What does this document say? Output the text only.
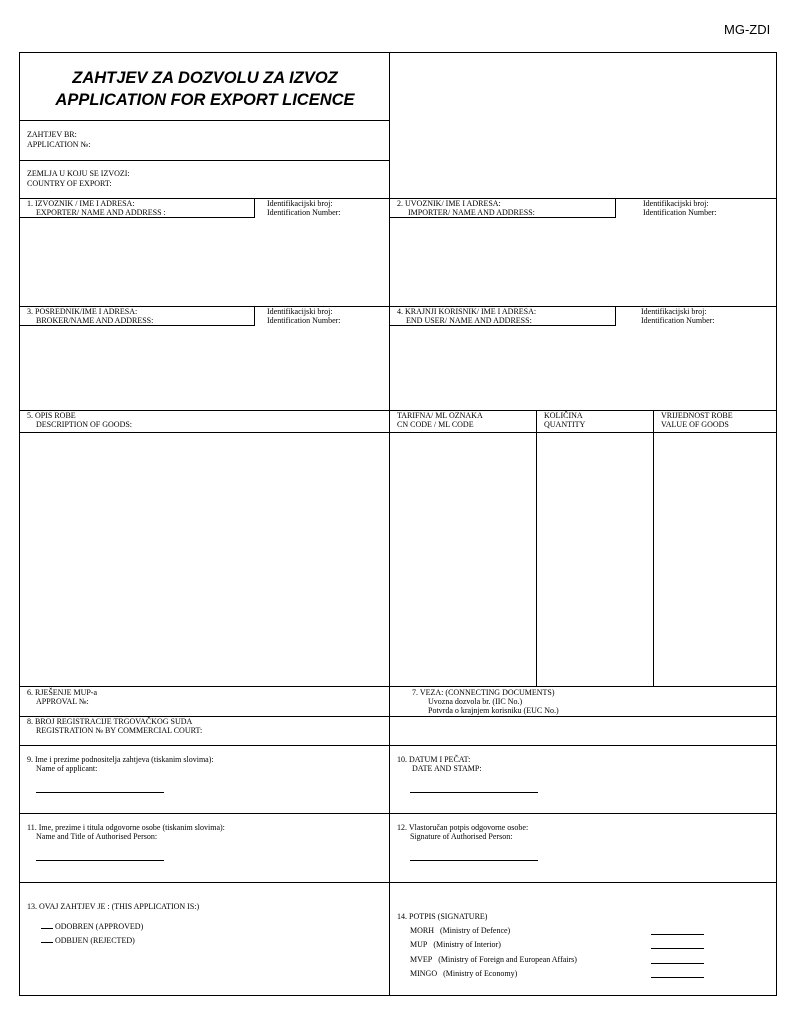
MG-ZDI
ZAHTJEV ZA DOZVOLU ZA IZVOZ
APPLICATION FOR EXPORT LICENCE
ZAHTJEV BR:
APPLICATION №:
ZEMLJA U KOJU SE IZVOZI:
COUNTRY OF EXPORT:
1. IZVOZNIK / IME I ADRESA:
EXPORTER/ NAME AND ADDRESS :
Identifikacijski broj:
Identification Number:
2. UVOZNIK/ IME I ADRESA:
IMPORTER/ NAME AND ADDRESS:
Identifikacijski broj:
Identification Number:
3. POSREDNIK/IME I ADRESA:
BROKER/NAME AND ADDRESS:
Identifikacijski broj:
Identification Number:
4. KRAJNJI KORISNIK/ IME I ADRESA:
END USER/ NAME AND ADDRESS:
Identifikacijski broj:
Identification Number:
5. OPIS ROBE
DESCRIPTION OF GOODS:
TARIFNA/ ML OZNAKA
CN CODE / ML CODE
KOLIČINA
QUANTITY
VRIJEDNOST ROBE
VALUE OF GOODS
6. RJEŠENJE MUP-a
APPROVAL №:
7. VEZA: (CONNECTING DOCUMENTS)
Uvozna dozvola br. (IIC No.)
Potvrda o krajnjem korisniku (EUC No.)
8. BROJ REGISTRACIJE TRGOVAČKOG SUDA
REGISTRATION № BY COMMERCIAL COURT:
9. Ime i prezime podnositelja zahtjeva (tiskanim slovima):
Name of applicant:
10. DATUM I PEČAT:
DATE AND STAMP:
11. Ime, prezime i titula odgovorne osobe (tiskanim slovima):
Name and Title of Authorised Person:
12. Vlastoručan potpis odgovorne osobe:
Signature of Authorised Person:
13. OVAJ ZAHTJEV JE : (THIS APPLICATION IS:)
ODOBREN (APPROVED)
ODBIJEN (REJECTED)
14. POTPIS (SIGNATURE)
MORH (Ministry of Defence)
MUP (Ministry of Interior)
MVEP (Ministry of Foreign and European Affairs)
MINGO (Ministry of Economy)
